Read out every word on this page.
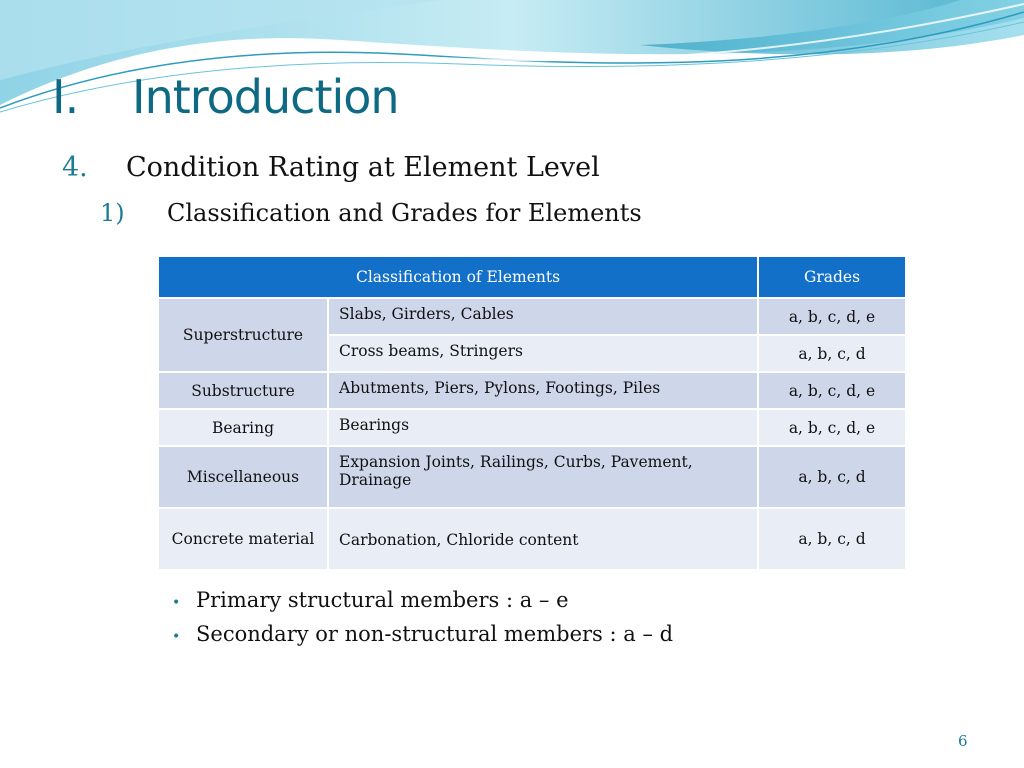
I. Introduction
4. Condition Rating at Element Level
1) Classification and Grades for Elements
Classification of Elements		Grades
Superstructure	Slabs, Girders, Cables	a, b, c, d, e
	Cross beams, Stringers	a, b, c, d
Substructure	Abutments, Piers, Pylons, Footings, Piles	a, b, c, d, e
Bearing	Bearings	a, b, c, d, e
Miscellaneous	Expansion Joints, Railings, Curbs, Pavement, Drainage	a, b, c, d
Concrete material	Carbonation, Chloride content	a, b, c, d
• Primary structural members : a – e
• Secondary or non-structural members : a – d
6
